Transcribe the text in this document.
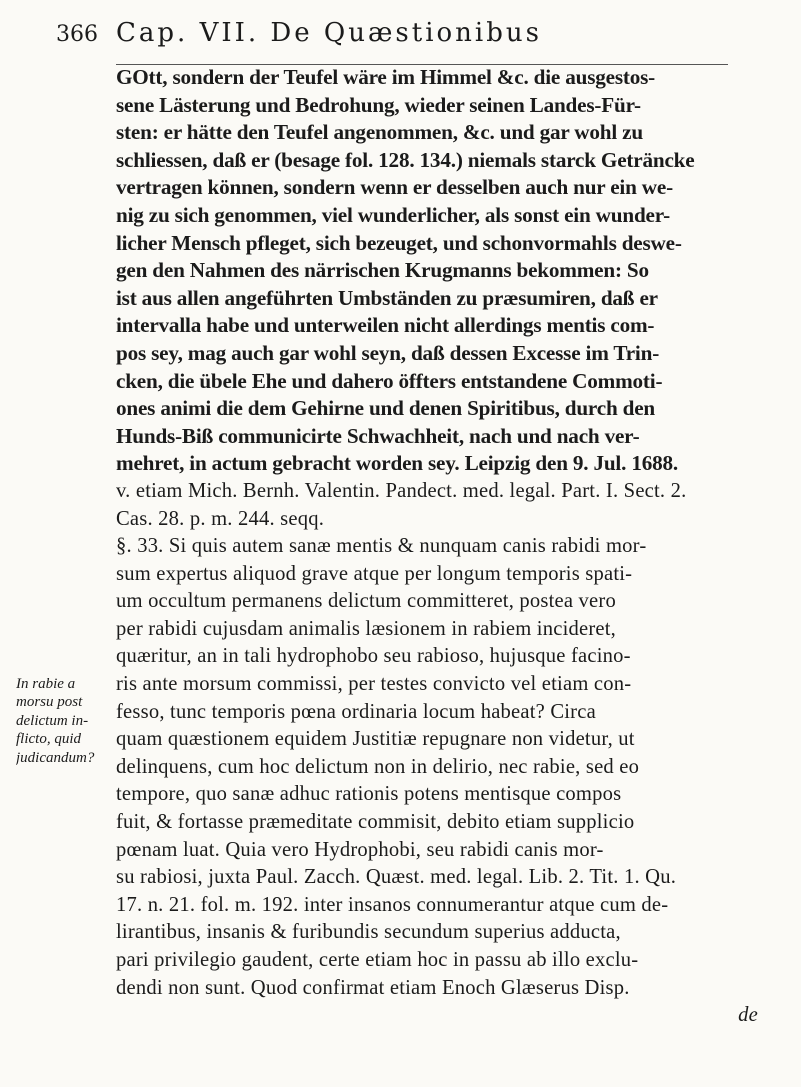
366 Cap. VII. De Quæstionibus
In rabie a
morsu post
delictum in-
flicto, quid
judicandum?
GOtt, sondern der Teufel wäre im Himmel &c. die ausgestos-
sene Lästerung und Bedrohung, wieder seinen Landes-Für-
sten: er hätte den Teufel angenommen, &c. und gar wohl zu
schliessen, daß er (besage fol. 128. 134.) niemals starck Geträncke
vertragen können, sondern wenn er desselben auch nur ein we-
nig zu sich genommen, viel wunderlicher, als sonst ein wunder-
licher Mensch pfleget, sich bezeuget, und schonvormahls deswe-
gen den Nahmen des närrischen Krugmanns bekommen: So
ist aus allen angeführten Umbständen zu præsumiren, daß er
intervalla habe und unterweilen nicht allerdings mentis com-
pos sey, mag auch gar wohl seyn, daß dessen Excesse im Trin-
cken, die übele Ehe und dahero öffters entstandene Commoti-
ones animi die dem Gehirne und denen Spiritibus, durch den
Hunds-Biß communicirte Schwachheit, nach und nach ver-
mehret, in actum gebracht worden sey. Leipzig den 9. Jul. 1688.
v. etiam Mich. Bernh. Valentin. Pandect. med. legal. Part. I. Sect. 2.
Cas. 28. p. m. 244. seqq.
§. 33. Si quis autem sanæ mentis & nunquam canis rabidi mor-
sum expertus aliquod grave atque per longum temporis spati-
um occultum permanens delictum committeret, postea vero
per rabidi cujusdam animalis læsionem in rabiem incideret,
quæritur, an in tali hydrophobo seu rabioso, hujusque facino-
ris ante morsum commissi, per testes convicto vel etiam con-
fesso, tunc temporis pœna ordinaria locum habeat? Circa
quam quæstionem equidem Justitiæ repugnare non videtur, ut
delinquens, cum hoc delictum non in delirio, nec rabie, sed eo
tempore, quo sanæ adhuc rationis potens mentisque compos
fuit, & fortasse præmeditate commisit, debito etiam supplicio
pœnam luat. Quia vero Hydrophobi, seu rabidi canis mor-
su rabiosi, juxta Paul. Zacch. Quæst. med. legal. Lib. 2. Tit. 1. Qu.
17. n. 21. fol. m. 192. inter insanos connumerantur atque cum de-
lirantibus, insanis & furibundis secundum superius adducta,
pari privilegio gaudent, certe etiam hoc in passu ab illo exclu-
dendi non sunt. Quod confirmat etiam Enoch Glæserus Disp.
de
